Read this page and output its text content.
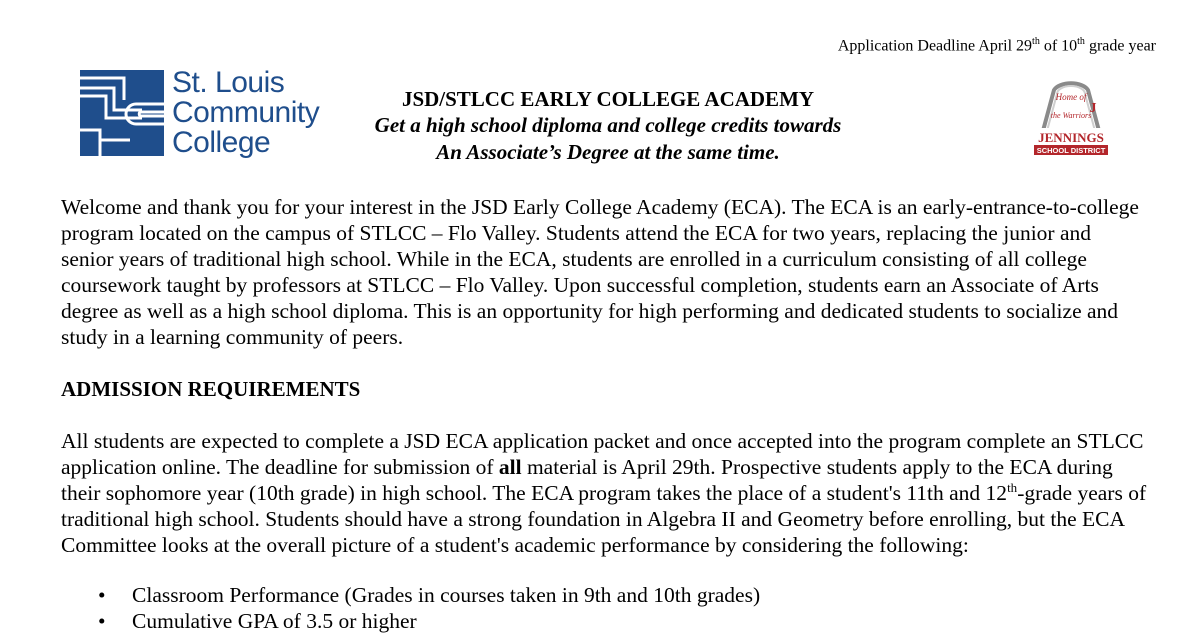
Application Deadline April 29th of 10th grade year
St. Louis
Community
College
JSD/STLCC EARLY COLLEGE ACADEMY
Get a high school diploma and college credits towards
An Associate’s Degree at the same time.
Home of
the Warriors
J
JENNINGS
SCHOOL DISTRICT

Welcome and thank you for your interest in the JSD Early College Academy (ECA). The ECA is an early-entrance-to-college program located on the campus of STLCC – Flo Valley. Students attend the ECA for two years, replacing the junior and senior years of traditional high school. While in the ECA, students are enrolled in a curriculum consisting of all college coursework taught by professors at STLCC – Flo Valley. Upon successful completion, students earn an Associate of Arts degree as well as a high school diploma. This is an opportunity for high performing and dedicated students to socialize and study in a learning community of peers.

ADMISSION REQUIREMENTS
All students are expected to complete a JSD ECA application packet and once accepted into the program complete an STLCC application online. The deadline for submission of all material is April 29th. Prospective students apply to the ECA during their sophomore year (10th grade) in high school. The ECA program takes the place of a student's 11th and 12th-grade years of traditional high school. Students should have a strong foundation in Algebra II and Geometry before enrolling, but the ECA Committee looks at the overall picture of a student's academic performance by considering the following:
• Classroom Performance (Grades in courses taken in 9th and 10th grades)
• Cumulative GPA of 3.5 or higher
